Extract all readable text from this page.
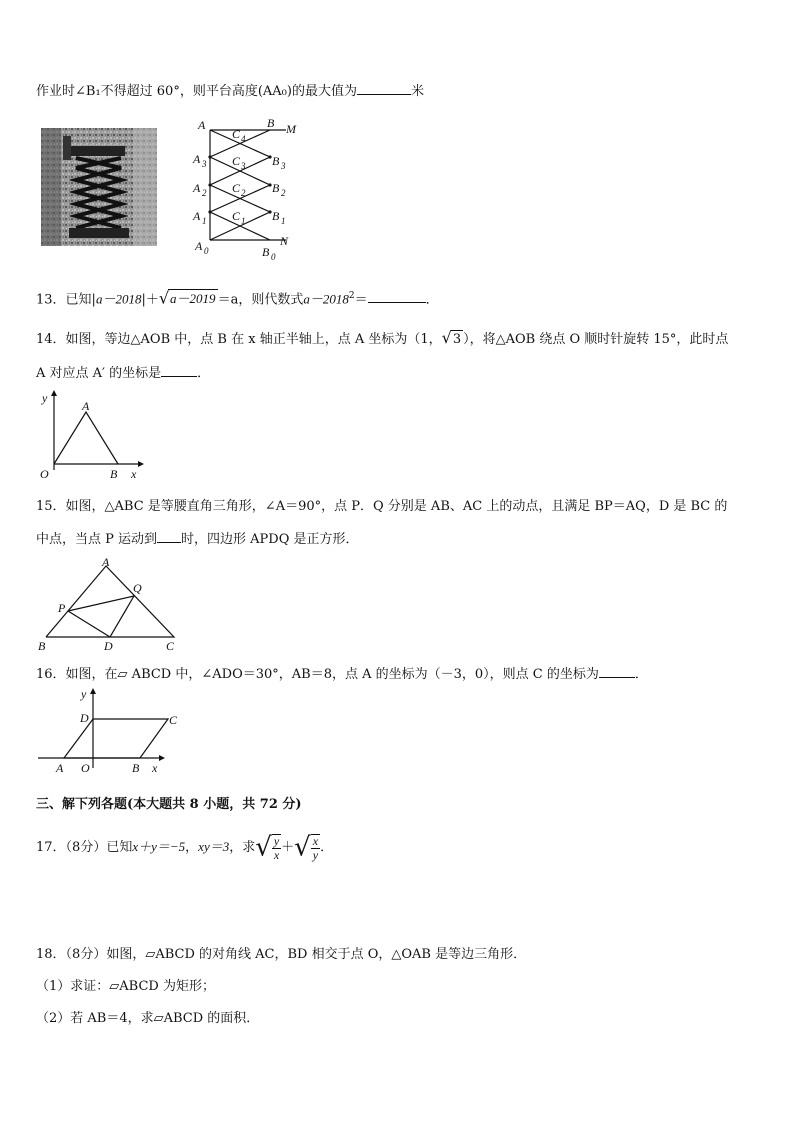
作业时∠B₁不得超过 60°，则平台高度(AA₀)的最大值为	米
A	B M
N
A 0	B 0
A 1
A 2
A 3
B 1
B 2
B 3
C 1
C 2
C 3
C 4
13．已知|a－2018|＋√a－2019 ＝a，则代数式$a-2018^2=$	．
14．如图，等边△AOB 中，点 B 在 x 轴正半轴上，点 A 坐标为（1，√3 ），将△AOB 绕点 O 顺时针旋转 15°，此时点
A 对应点 A′ 的坐标是	．
y
A
O	B x
15．如图，△ABC 是等腰直角三角形，∠A＝90°，点 P．Q 分别是 AB、AC 上的动点，且满足 BP＝AQ，D 是 BC 的
中点，当点 P 运动到 时，四边形 APDQ 是正方形．
A
Q
P
B	D	C
16．如图，在▱ ABCD 中，∠ADO＝30°，AB＝8，点 A 的坐标为（－3，0），则点 C 的坐标为	．
y
D	C
A O	B x
三、解下列各题(本大题共 8 小题，共 72 分)
17．（8分）已知x＋y＝−5，xy＝3，求√ $\frac{y}{x}$ ＋√ $\frac{x}{y}$ ．
18．（8分）如图，▱ABCD 的对角线 AC，BD 相交于点 O，△OAB 是等边三角形．
（1）求证：▱ABCD 为矩形；
（2）若 AB＝4，求▱ABCD 的面积．
